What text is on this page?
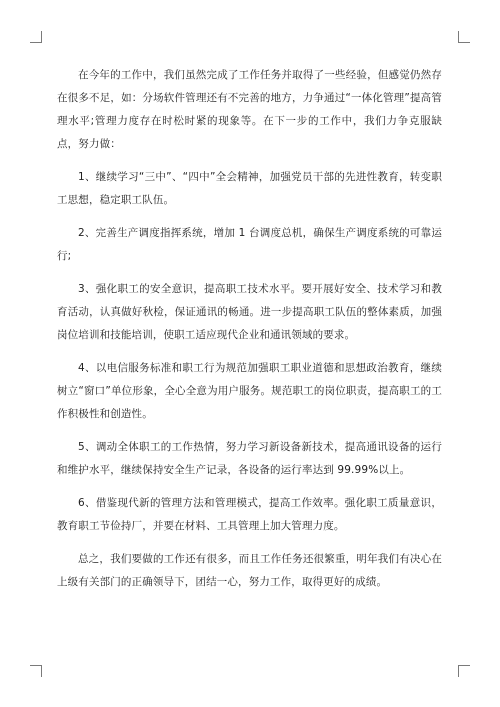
在今年的工作中，我们虽然完成了工作任务并取得了一些经验，但感觉仍然存在很多不足，如：分场软件管理还有不完善的地方，力争通过“一体化管理”提高管理水平;管理力度存在时松时紧的现象等。在下一步的工作中，我们力争克服缺点，努力做：

1、继续学习“三中”、“四中”全会精神，加强党员干部的先进性教育，转变职工思想，稳定职工队伍。

2、完善生产调度指挥系统，增加 1 台调度总机，确保生产调度系统的可靠运行;

3、强化职工的安全意识，提高职工技术水平。要开展好安全、技术学习和教育活动，认真做好秋检，保证通讯的畅通。进一步提高职工队伍的整体素质，加强岗位培训和技能培训，使职工适应现代企业和通讯领域的要求。

4、以电信服务标准和职工行为规范加强职工职业道德和思想政治教育，继续树立“窗口”单位形象，全心全意为用户服务。规范职工的岗位职责，提高职工的工作积极性和创造性。

5、调动全体职工的工作热情，努力学习新设备新技术，提高通讯设备的运行和维护水平，继续保持安全生产记录，各设备的运行率达到 99.99%以上。

6、借鉴现代新的管理方法和管理模式，提高工作效率。强化职工质量意识，教育职工节俭持厂，并要在材料、工具管理上加大管理力度。

总之，我们要做的工作还有很多，而且工作任务还很繁重，明年我们有决心在上级有关部门的正确领导下，团结一心，努力工作，取得更好的成绩。
